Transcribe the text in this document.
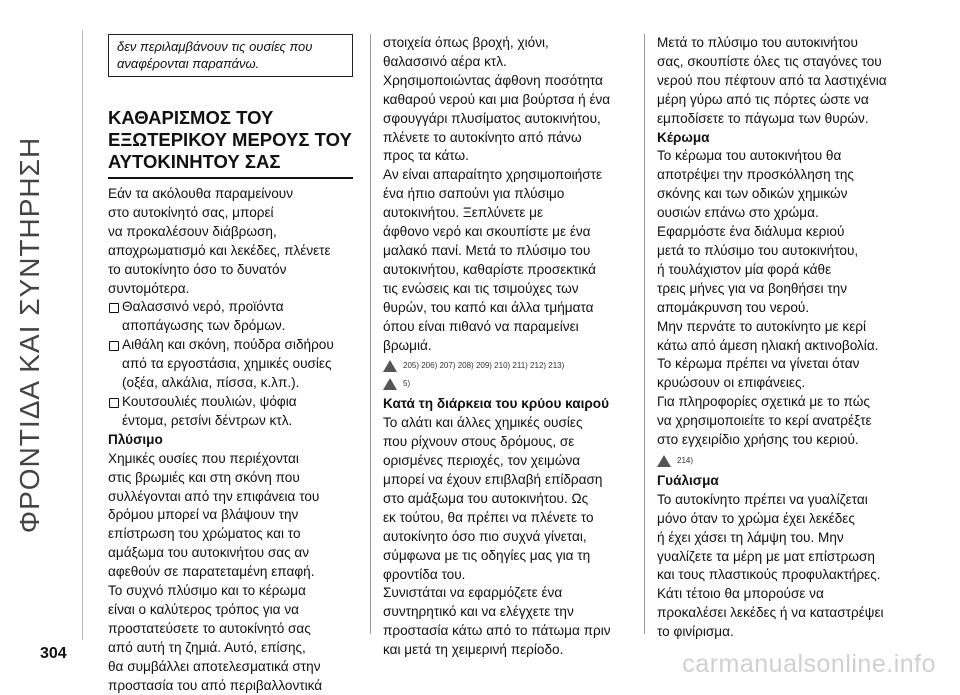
ΦΡΟΝΤΙΔΑ ΚΑΙ ΣΥΝΤΗΡΗΣΗ

δεν περιλαμβάνουν τις ουσίες που

αναφέρονται παραπάνω.

ΚΑΘΑΡΙΣΜΟΣ ΤΟΥ
ΕΞΩΤΕΡΙΚΟΥ ΜΕΡΟΥΣ ΤΟΥ
ΑΥΤΟΚΙΝΗΤΟΥ ΣΑΣ

Εάν τα ακόλουθα παραμείνουν

στο αυτοκίνητό σας, μπορεί

να προκαλέσουν διάβρωση,

αποχρωματισμό και λεκέδες, πλένετε

το αυτοκίνητο όσο το δυνατόν

συντομότερα.

Θαλασσινό νερό, προϊόντα

αποπάγωσης των δρόμων.

Αιθάλη και σκόνη, πούδρα σιδήρου

από τα εργοστάσια, χημικές ουσίες

(οξέα, αλκάλια, πίσσα, κ.λπ.).

Κουτσουλιές πουλιών, ψόφια

έντομα, ρετσίνι δέντρων κτλ.

Πλύσιμο

Χημικές ουσίες που περιέχονται

στις βρωμιές και στη σκόνη που

συλλέγονται από την επιφάνεια του

δρόμου μπορεί να βλάψουν την

επίστρωση του χρώματος και το

αμάξωμα του αυτοκινήτου σας αν

αφεθούν σε παρατεταμένη επαφή.

Το συχνό πλύσιμο και το κέρωμα

είναι ο καλύτερος τρόπος για να

προστατεύσετε το αυτοκίνητό σας

από αυτή τη ζημιά. Αυτό, επίσης,

θα συμβάλλει αποτελεσματικά στην

προστασία του από περιβαλλοντικά

στοιχεία όπως βροχή, χιόνι,

θαλασσινό αέρα κτλ.

Χρησιμοποιώντας άφθονη ποσότητα

καθαρού νερού και μια βούρτσα ή ένα

σφουγγάρι πλυσίματος αυτοκινήτου,

πλένετε το αυτοκίνητο από πάνω

προς τα κάτω.

Αν είναι απαραίτητο χρησιμοποιήστε

ένα ήπιο σαπούνι για πλύσιμο

αυτοκινήτου. Ξεπλύνετε με

άφθονο νερό και σκουπίστε με ένα

μαλακό πανί. Μετά το πλύσιμο του

αυτοκινήτου, καθαρίστε προσεκτικά

τις ενώσεις και τις τσιμούχες των

θυρών, του καπό και άλλα τμήματα

όπου είναι πιθανό να παραμείνει

βρωμιά.

205) 206) 207) 208) 209) 210) 211) 212) 213)
5)
Κατά τη διάρκεια του κρύου καιρού

Το αλάτι και άλλες χημικές ουσίες

που ρίχνουν στους δρόμους, σε

ορισμένες περιοχές, τον χειμώνα

μπορεί να έχουν επιβλαβή επίδραση

στο αμάξωμα του αυτοκινήτου. Ως

εκ τούτου, θα πρέπει να πλένετε το

αυτοκίνητο όσο πιο συχνά γίνεται,

σύμφωνα με τις οδηγίες μας για τη

φροντίδα του.

Συνιστάται να εφαρμόζετε ένα

συντηρητικό και να ελέγχετε την

προστασία κάτω από το πάτωμα πριν

και μετά τη χειμερινή περίοδο.

Μετά το πλύσιμο του αυτοκινήτου

σας, σκουπίστε όλες τις σταγόνες του

νερού που πέφτουν από τα λαστιχένια

μέρη γύρω από τις πόρτες ώστε να

εμποδίσετε το πάγωμα των θυρών.

Κέρωμα

Το κέρωμα του αυτοκινήτου θα

αποτρέψει την προσκόλληση της

σκόνης και των οδικών χημικών

ουσιών επάνω στο χρώμα.

Εφαρμόστε ένα διάλυμα κεριού

μετά το πλύσιμο του αυτοκινήτου,

ή τουλάχιστον μία φορά κάθε

τρεις μήνες για να βοηθήσει την

απομάκρυνση του νερού.

Μην περνάτε το αυτοκίνητο με κερί

κάτω από άμεση ηλιακή ακτινοβολία.

Το κέρωμα πρέπει να γίνεται όταν

κρυώσουν οι επιφάνειες.

Για πληροφορίες σχετικά με το πώς

να χρησιμοποιείτε το κερί ανατρέξτε

στο εγχειρίδιο χρήσης του κεριού.

214)
Γυάλισμα

Το αυτοκίνητο πρέπει να γυαλίζεται

μόνο όταν το χρώμα έχει λεκέδες

ή έχει χάσει τη λάμψη του. Μην

γυαλίζετε τα μέρη με ματ επίστρωση

και τους πλαστικούς προφυλακτήρες.

Κάτι τέτοιο θα μπορούσε να

προκαλέσει λεκέδες ή να καταστρέψει

το φινίρισμα.

304	carmanualsonline.info
